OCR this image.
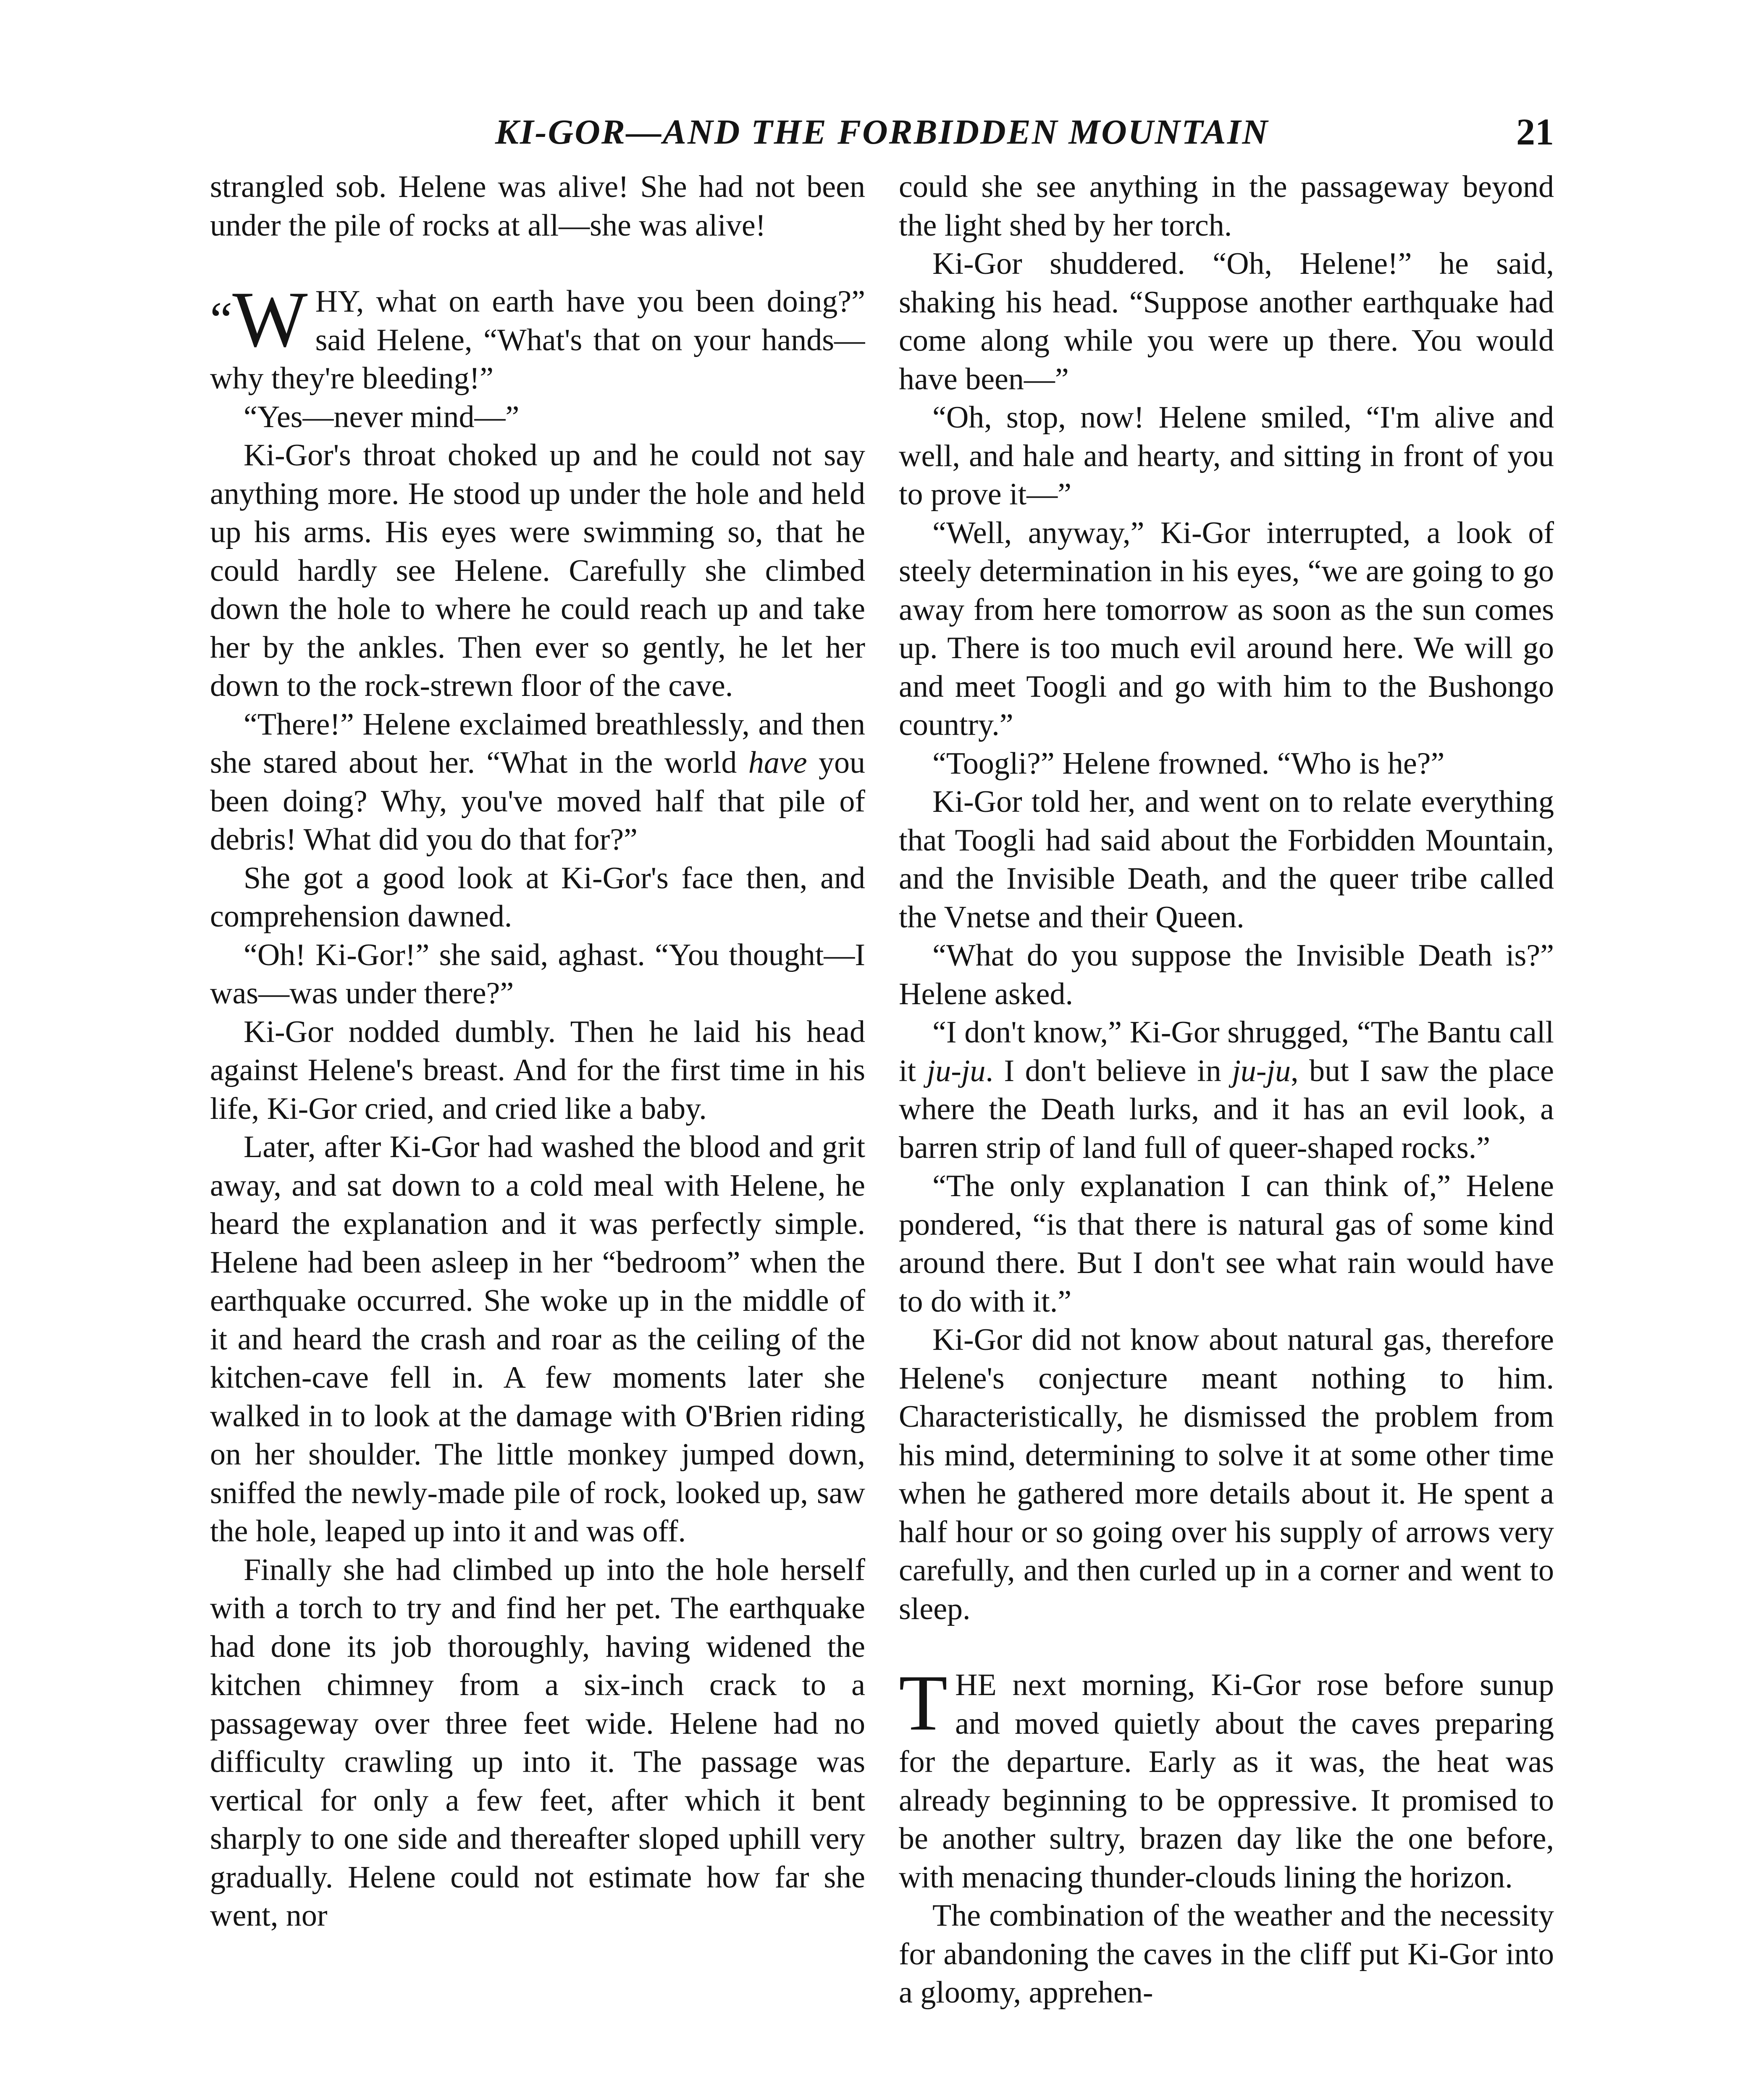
KI-GOR—AND THE FORBIDDEN MOUNTAIN	21

strangled sob. Helene was alive! She had not been under the pile of rocks at all—she was alive!

“W HY, what on earth have you been doing?” said Helene, “What's that on your hands—why they're bleeding!”

“Yes—never mind—”

Ki-Gor's throat choked up and he could not say anything more. He stood up under the hole and held up his arms. His eyes were swimming so, that he could hardly see Helene. Carefully she climbed down the hole to where he could reach up and take her by the ankles. Then ever so gently, he let her down to the rock-strewn floor of the cave.

“There!” Helene exclaimed breathlessly, and then she stared about her. “What in the world have you been doing? Why, you've moved half that pile of debris! What did you do that for?”

She got a good look at Ki-Gor's face then, and comprehension dawned.

“Oh! Ki-Gor!” she said, aghast. “You thought—I was—was under there?”

Ki-Gor nodded dumbly. Then he laid his head against Helene's breast. And for the first time in his life, Ki-Gor cried, and cried like a baby.

Later, after Ki-Gor had washed the blood and grit away, and sat down to a cold meal with Helene, he heard the explanation and it was perfectly simple. Helene had been asleep in her “bedroom” when the earthquake occurred. She woke up in the middle of it and heard the crash and roar as the ceiling of the kitchen-cave fell in. A few moments later she walked in to look at the damage with O'Brien riding on her shoulder. The little monkey jumped down, sniffed the newly-made pile of rock, looked up, saw the hole, leaped up into it and was off.

Finally she had climbed up into the hole herself with a torch to try and find her pet. The earthquake had done its job thoroughly, having widened the kitchen chimney from a six-inch crack to a passageway over three feet wide. Helene had no difficulty crawling up into it. The passage was vertical for only a few feet, after which it bent sharply to one side and thereafter sloped uphill very gradually. Helene could not estimate how far she went, nor

could she see anything in the passageway beyond the light shed by her torch.

Ki-Gor shuddered. “Oh, Helene!” he said, shaking his head. “Suppose another earthquake had come along while you were up there. You would have been—”

“Oh, stop, now! Helene smiled, “I'm alive and well, and hale and hearty, and sitting in front of you to prove it—”

“Well, anyway,” Ki-Gor interrupted, a look of steely determination in his eyes, “we are going to go away from here tomorrow as soon as the sun comes up. There is too much evil around here. We will go and meet Toogli and go with him to the Bushongo country.”

“Toogli?” Helene frowned. “Who is he?”

Ki-Gor told her, and went on to relate everything that Toogli had said about the Forbidden Mountain, and the Invisible Death, and the queer tribe called the Vnetse and their Queen.

“What do you suppose the Invisible Death is?” Helene asked.

“I don't know,” Ki-Gor shrugged, “The Bantu call it ju-ju. I don't believe in ju-ju, but I saw the place where the Death lurks, and it has an evil look, a barren strip of land full of queer-shaped rocks.”

“The only explanation I can think of,” Helene pondered, “is that there is natural gas of some kind around there. But I don't see what rain would have to do with it.”

Ki-Gor did not know about natural gas, therefore Helene's conjecture meant nothing to him. Characteristically, he dismissed the problem from his mind, determining to solve it at some other time when he gathered more details about it. He spent a half hour or so going over his supply of arrows very carefully, and then curled up in a corner and went to sleep.

THE next morning, Ki-Gor rose before sunup and moved quietly about the caves preparing for the departure. Early as it was, the heat was already beginning to be oppressive. It promised to be another sultry, brazen day like the one before, with menacing thunder-clouds lining the horizon.

The combination of the weather and the necessity for abandoning the caves in the cliff put Ki-Gor into a gloomy, apprehen-
